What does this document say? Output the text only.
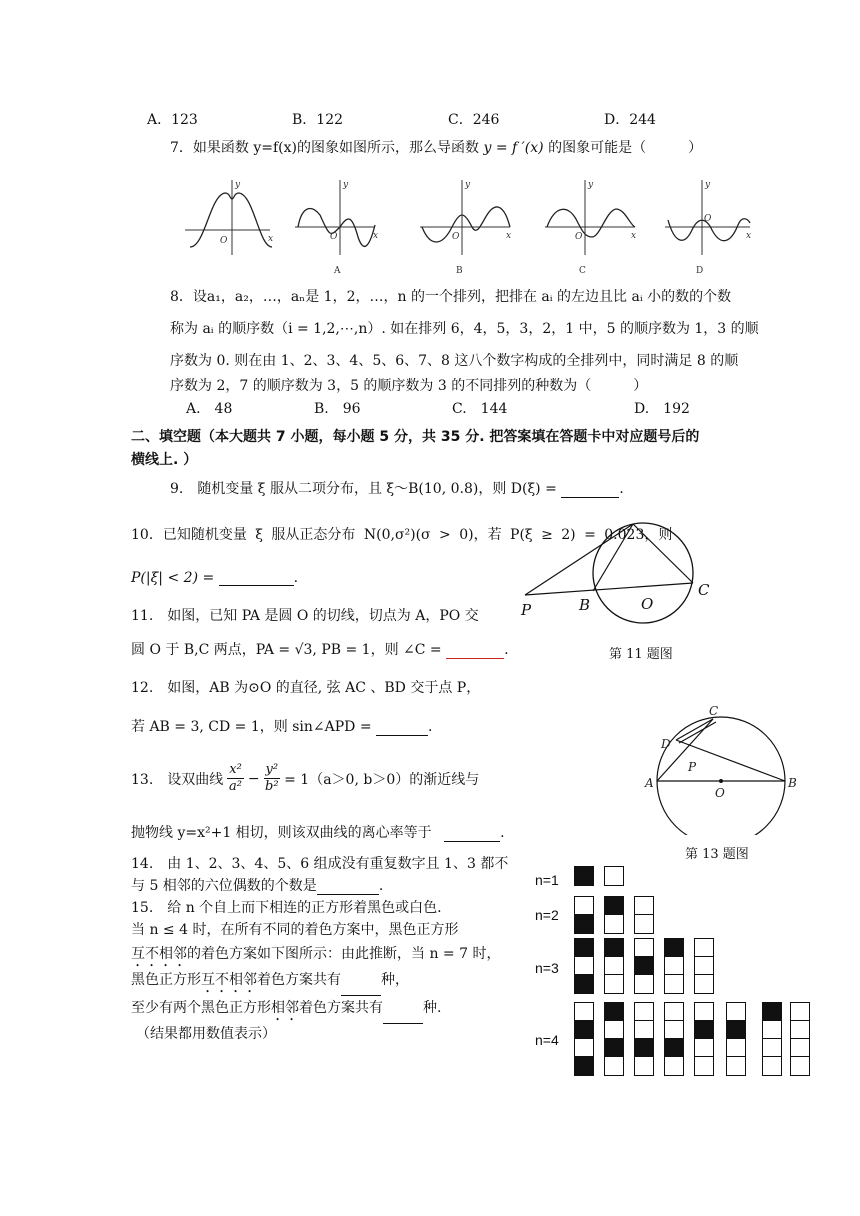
A．123	B．122	C．246	D．244
7．如果函数 y=f(x)的图象如图所示，那么导函数 y = f ′(x) 的图象可能是（　　　）
y
x
O
y
x
O
y
x
O
y
x
O
y
x
O
A	B	C	D
8．设a₁，a₂，…，aₙ是 1，2，…，n 的一个排列，把排在 aᵢ 的左边且比 aᵢ 小的数的个数
称为 aᵢ 的顺序数（i = 1,2,⋯,n）. 如在排列 6，4，5，3，2，1 中，5 的顺序数为 1，3 的顺
序数为 0. 则在由 1、2、3、4、5、6、7、8 这八个数字构成的全排列中，同时满足 8 的顺
序数为 2，7 的顺序数为 3，5 的顺序数为 3 的不同排列的种数为（　　　）
A.　48	B.　96	C.　144	D.　192
二、填空题（本大题共 7 小题，每小题 5 分，共 35 分. 把答案填在答题卡中对应题号后的
横线上. ）
9.　随机变量 ξ 服从二项分布，且 ξ～B(10, 0.8)，则 D(ξ) =	.
10．已知随机变量 ξ 服从正态分布 N(0,σ²)(σ > 0)，若 P(ξ ≥ 2) = 0.023，则
P(|ξ| < 2) =	.
11.　如图，已知 PA 是圆 O 的切线，切点为 A，PO 交
圆 O 于 B,C 两点，PA = √3, PB = 1，则 ∠C =	.
P	B	O
C
第 11 题图
12.　如图，AB 为⊙O 的直径, 弦 AC 、BD 交于点 P，
若 AB = 3, CD = 1，则 sin∠APD =	.
C
D
P
A
O
B
第 13 题图
13.　设双曲线
x²
$a^2 - \frac{\text{y²}}{\text{b²}} = 1(a>0$, b＞0）的渐近线与
抛物线 y=x²+1 相切，则该双曲线的离心率等于	.
14.　由 1、2、3、4、5、6 组成没有重复数字且 1、3 都不
与 5 相邻的六位偶数的个数是	.
15.　给 n 个自上而下相连的正方形着黑色或白色.
当 n ≤ 4 时，在所有不同的着色方案中，黑色正方形
互不相邻的着色方案如下图所示：由此推断，当 n = 7 时，
黑色正方形互不相邻着色方案共有	种，
至少有两个黑色正方形相邻着色方案共有	种.
（结果都用数值表示）
n=1
n=2
n=3
n=4
